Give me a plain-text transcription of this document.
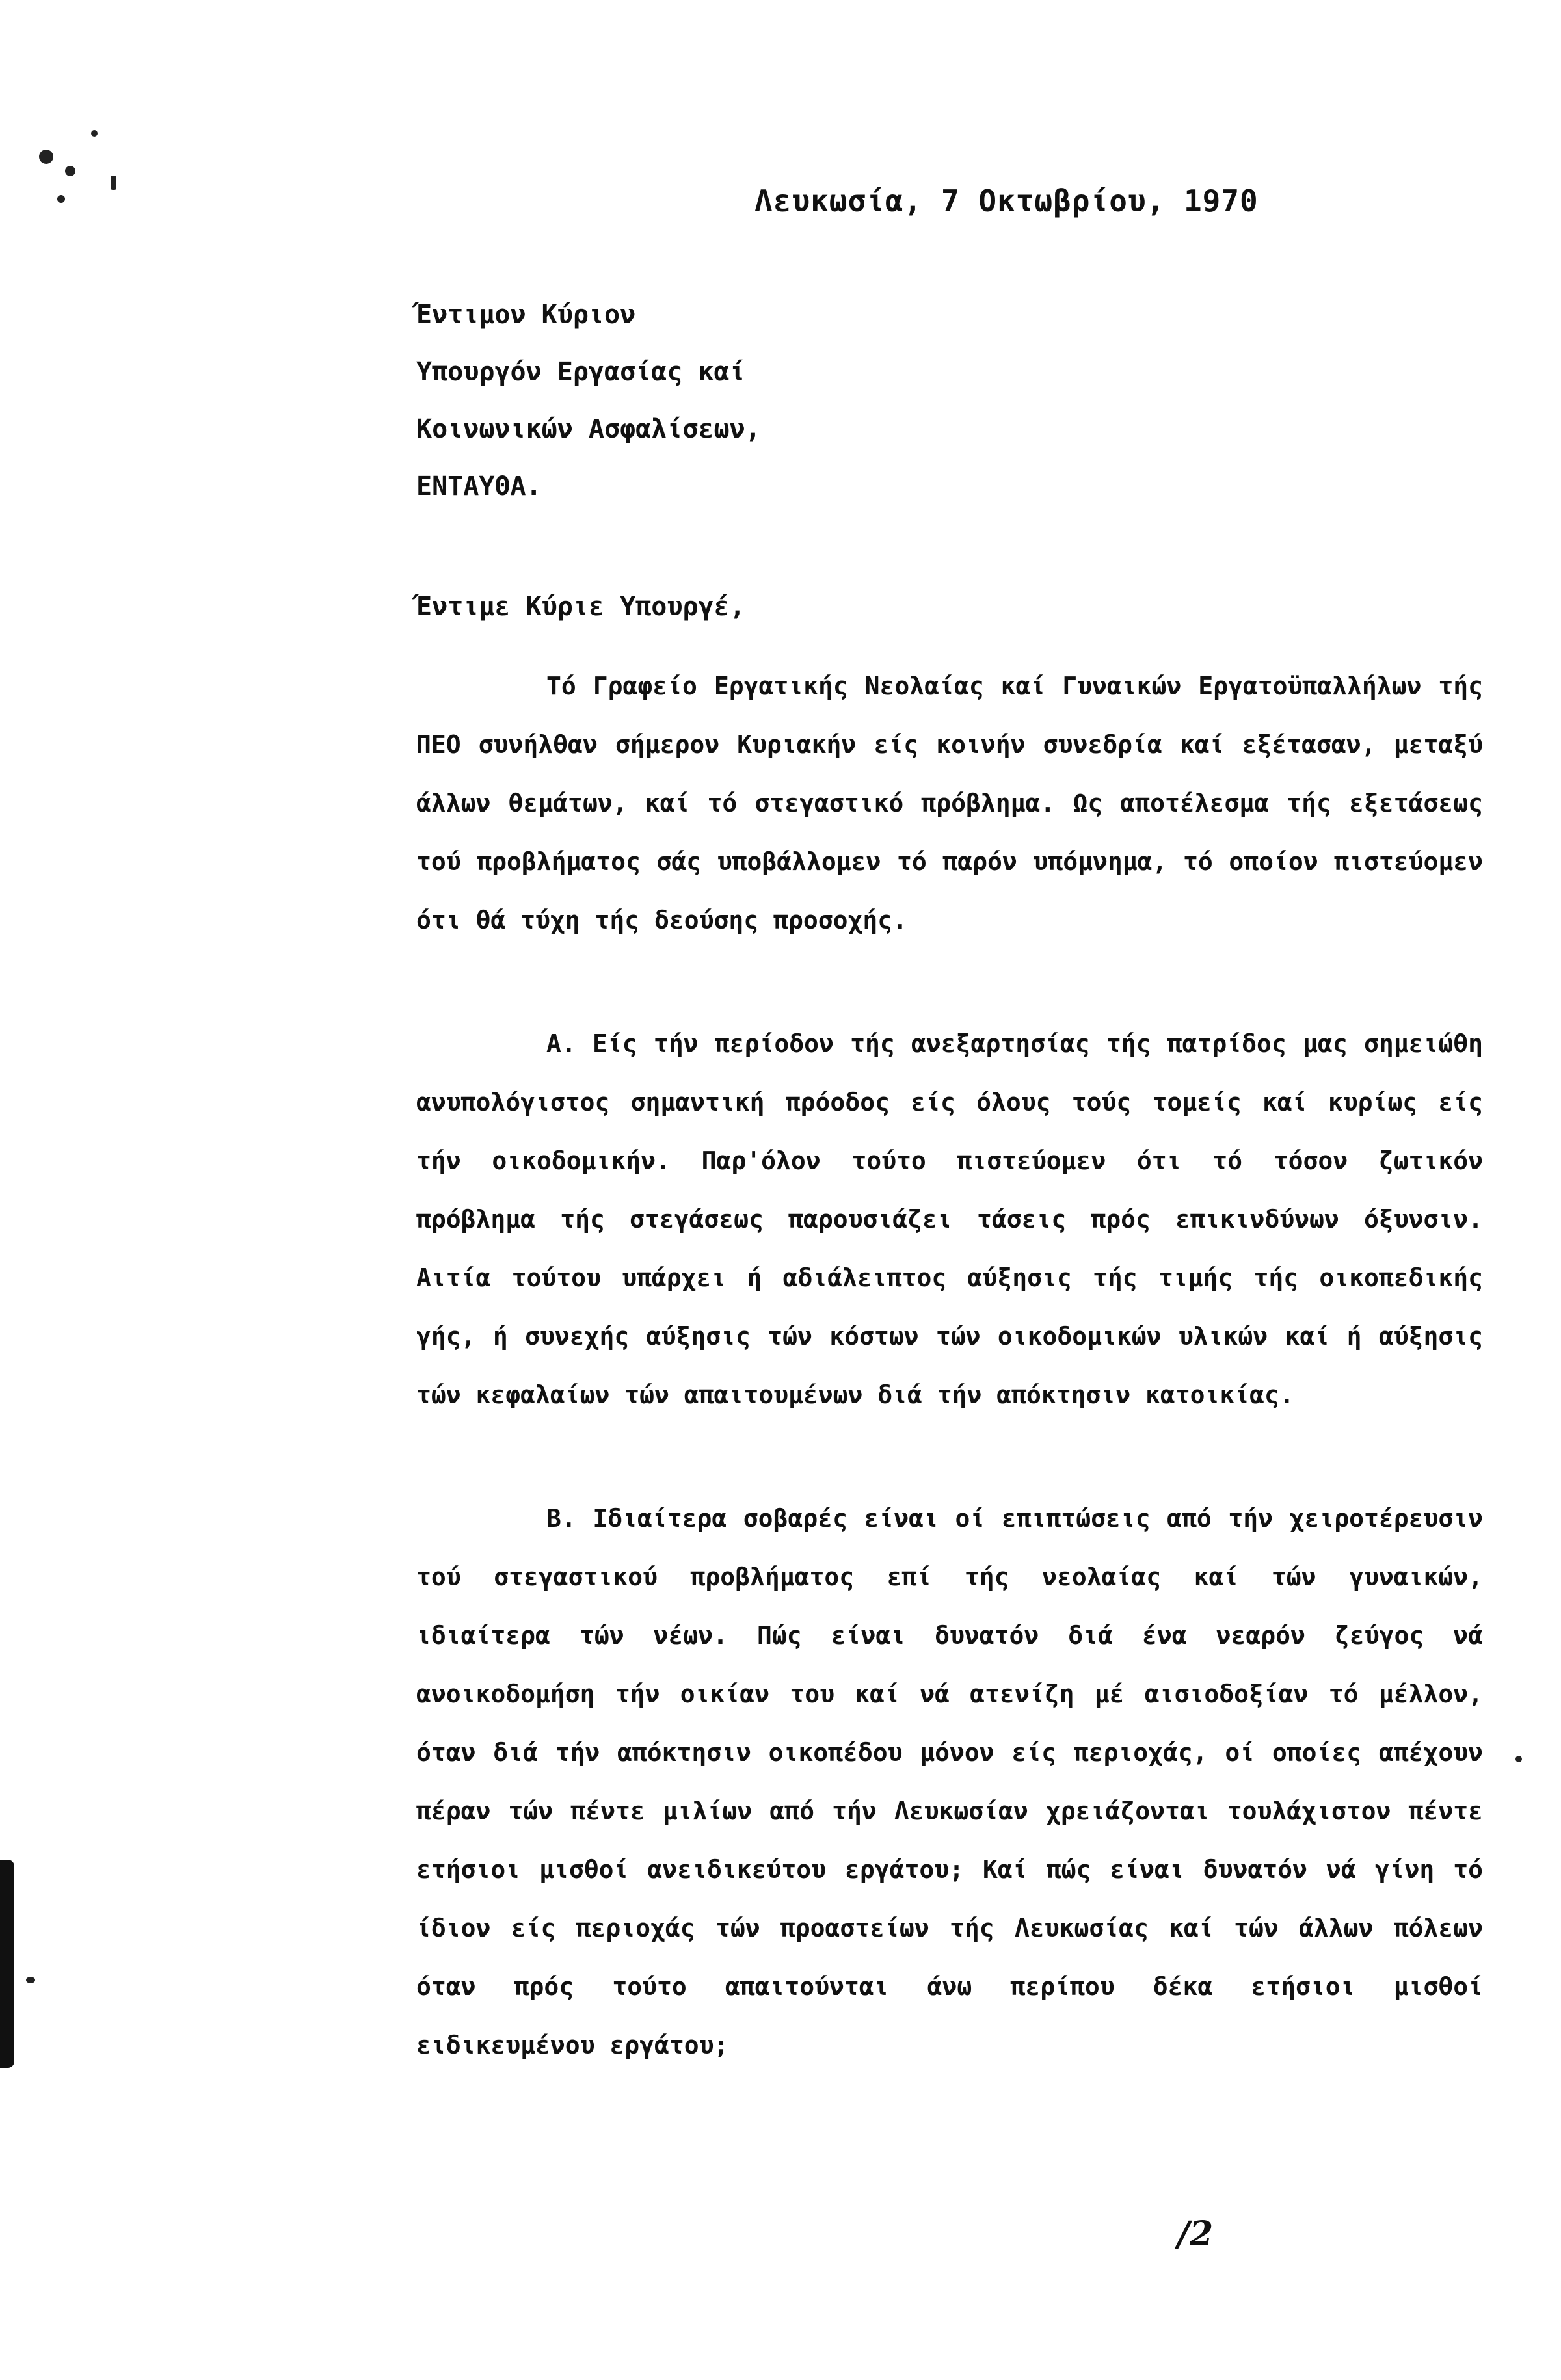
Λευκωσία, 7 Οκτωβρίου, 1970
Έντιμον Κύριον
Υπουργόν Εργασίας καί
Κοινωνικών Ασφαλίσεων,
ΕΝΤΑΥΘΑ.
Έντιμε Κύριε Υπουργέ,
Τό Γραφείο Εργατικής Νεολαίας καί Γυναικών Εργατοϋπαλλήλων τής ΠΕΟ συνήλθαν σήμερον Κυριακήν είς κοινήν συνεδρία καί εξέτασαν, μεταξύ άλλων θεμάτων, καί τό στεγαστικό πρόβλημα. Ως αποτέλεσμα τής εξετάσεως τού προβλήματος σάς υποβάλλομεν τό παρόν υπόμνημα, τό οποίον πιστεύομεν ότι θά τύχη τής δεούσης προσοχής.
Α. Είς τήν περίοδον τής ανεξαρτησίας τής πατρίδος μας σημειώθη ανυπολόγιστος σημαντική πρόοδος είς όλους τούς τομείς καί κυρίως είς τήν οικοδομικήν. Παρ'όλον τούτο πιστεύομεν ότι τό τόσον ζωτικόν πρόβλημα τής στεγάσεως παρουσιάζει τάσεις πρός επικινδύνων όξυνσιν. Αιτία τούτου υπάρχει ή αδιάλειπτος αύξησις τής τιμής τής οικοπεδικής γής, ή συνεχής αύξησις τών κόστων τών οικοδομικών υλικών καί ή αύξησις τών κεφαλαίων τών απαιτουμένων διά τήν απόκτησιν κατοικίας.
Β. Ιδιαίτερα σοβαρές είναι οί επιπτώσεις από τήν χειροτέρευσιν τού στεγαστικού προβλήματος επί τής νεολαίας καί τών γυναικών, ιδιαίτερα τών νέων. Πώς είναι δυνατόν διά ένα νεαρόν ζεύγος νά ανοικοδομήση τήν οικίαν του καί νά ατενίζη μέ αισιοδοξίαν τό μέλλον, όταν διά τήν απόκτησιν οικοπέδου μόνον είς περιοχάς, οί οποίες απέχουν πέραν τών πέντε μιλίων από τήν Λευκωσίαν χρειάζονται τουλάχιστον πέντε ετήσιοι μισθοί ανειδικεύτου εργάτου; Καί πώς είναι δυνατόν νά γίνη τό ίδιον είς περιοχάς τών προαστείων τής Λευκωσίας καί τών άλλων πόλεων όταν πρός τούτο απαιτούνται άνω περίπου δέκα ετήσιοι μισθοί ειδικευμένου εργάτου;
/2
